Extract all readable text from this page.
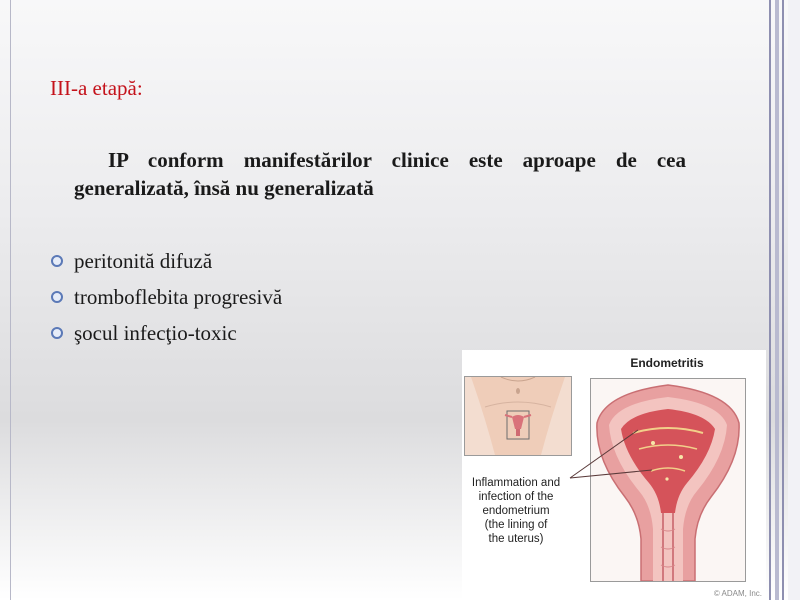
III-a etapă:
IP conform manifestărilor clinice este aproape de cea generalizată, însă nu generalizată
peritonită difuză
tromboflebita progresivă
şocul infecţio-toxic
Endometritis
Inflammation and
infection of the
endometrium
(the lining of
the uterus)
© ADAM, Inc.
